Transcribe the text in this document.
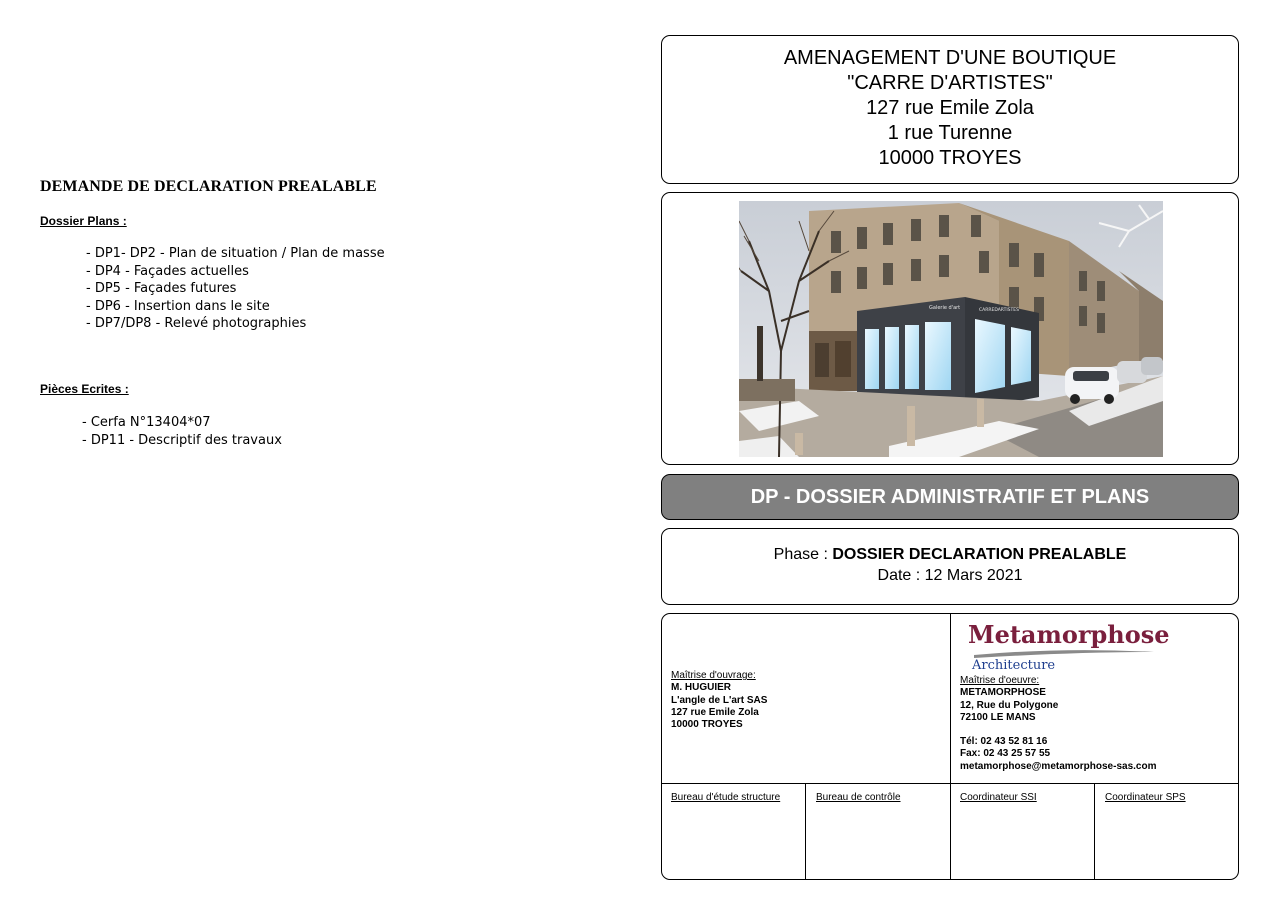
DEMANDE DE DECLARATION PREALABLE
Dossier Plans :
- DP1- DP2 - Plan de situation / Plan de masse
- DP4 - Façades actuelles
- DP5 - Façades futures
- DP6 - Insertion dans le site
- DP7/DP8 - Relevé photographies
Pièces Ecrites :
- Cerfa N°13404*07
- DP11 - Descriptif des travaux
AMENAGEMENT D'UNE BOUTIQUE
"CARRE D'ARTISTES"
127 rue Emile Zola
1 rue Turenne
10000 TROYES
Galerie d'art	CARREDARTISTES
DP - DOSSIER ADMINISTRATIF ET PLANS
Phase : DOSSIER DECLARATION PREALABLE
Date : 12 Mars 2021
Maîtrise d'ouvrage:
M. HUGUIER
L'angle de L'art SAS
127 rue Emile Zola
10000 TROYES
Metamorphose
Architecture
Maîtrise d'oeuvre:
METAMORPHOSE
12, Rue du Polygone
72100 LE MANS
Tél: 02 43 52 81 16
Fax: 02 43 25 57 55
metamorphose@metamorphose-sas.com
Bureau d'étude structure	Bureau de contrôle	Coordinateur SSI	Coordinateur SPS
